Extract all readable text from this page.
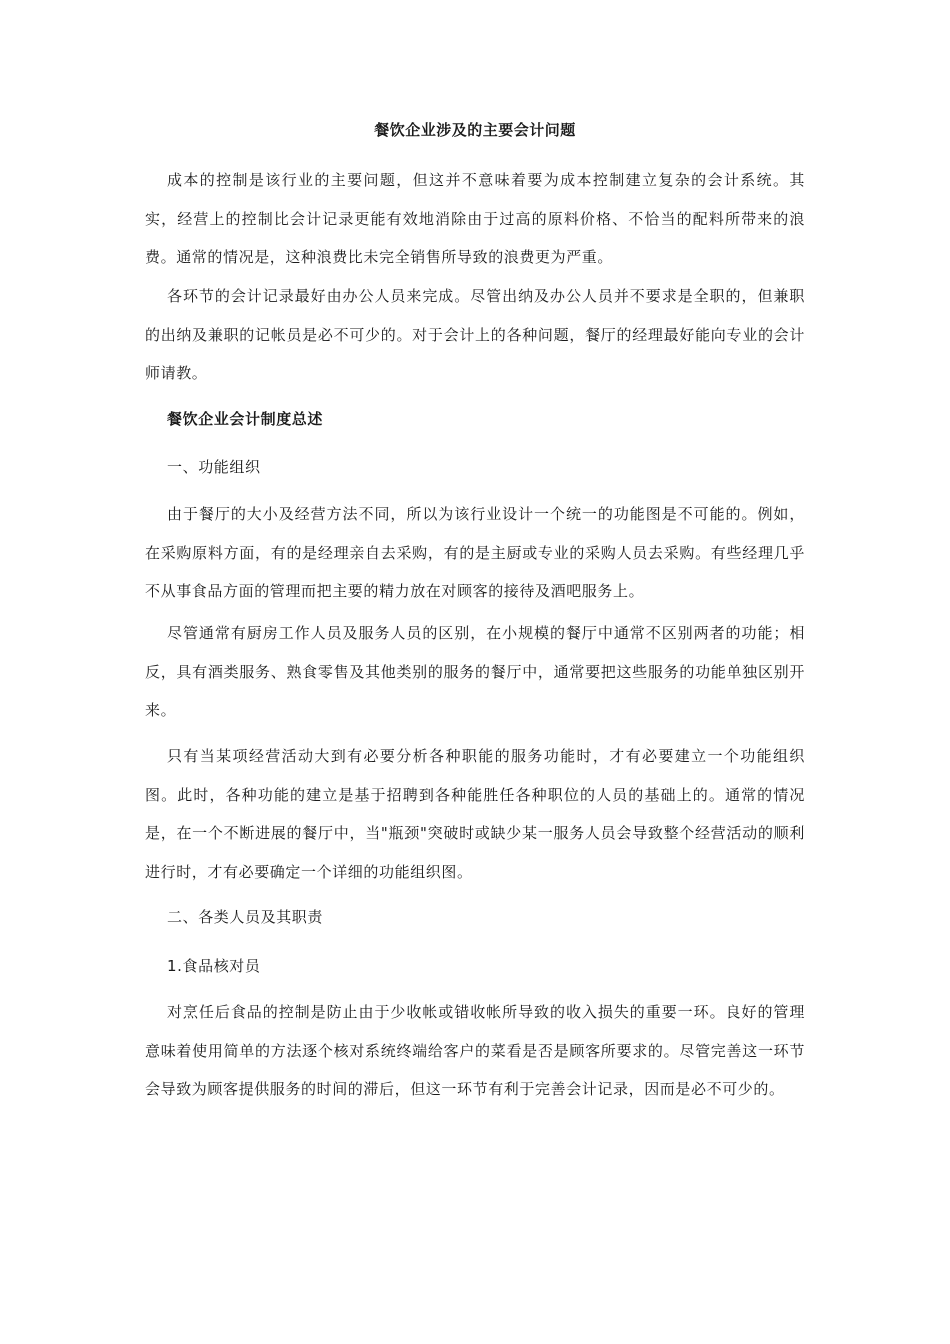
餐饮企业涉及的主要会计问题

成本的控制是该行业的主要问题，但这并不意味着要为成本控制建立复杂的会计系统。其实，经营上的控制比会计记录更能有效地消除由于过高的原料价格、不恰当的配料所带来的浪费。通常的情况是，这种浪费比未完全销售所导致的浪费更为严重。

各环节的会计记录最好由办公人员来完成。尽管出纳及办公人员并不要求是全职的，但兼职的出纳及兼职的记帐员是必不可少的。对于会计上的各种问题，餐厅的经理最好能向专业的会计师请教。

餐饮企业会计制度总述
一、功能组织

由于餐厅的大小及经营方法不同，所以为该行业设计一个统一的功能图是不可能的。例如，在采购原料方面，有的是经理亲自去采购，有的是主厨或专业的采购人员去采购。有些经理几乎不从事食品方面的管理而把主要的精力放在对顾客的接待及酒吧服务上。

尽管通常有厨房工作人员及服务人员的区别，在小规模的餐厅中通常不区别两者的功能；相反，具有酒类服务、熟食零售及其他类别的服务的餐厅中，通常要把这些服务的功能单独区别开来。

只有当某项经营活动大到有必要分析各种职能的服务功能时，才有必要建立一个功能组织图。此时，各种功能的建立是基于招聘到各种能胜任各种职位的人员的基础上的。通常的情况是，在一个不断进展的餐厅中，当"瓶颈"突破时或缺少某一服务人员会导致整个经营活动的顺利进行时，才有必要确定一个详细的功能组织图。

二、各类人员及其职责
1.食品核对员

对烹任后食品的控制是防止由于少收帐或错收帐所导致的收入损失的重要一环。良好的管理意味着使用简单的方法逐个核对系统终端给客户的菜看是否是顾客所要求的。尽管完善这一环节会导致为顾客提供服务的时间的滞后，但这一环节有利于完善会计记录，因而是必不可少的。
